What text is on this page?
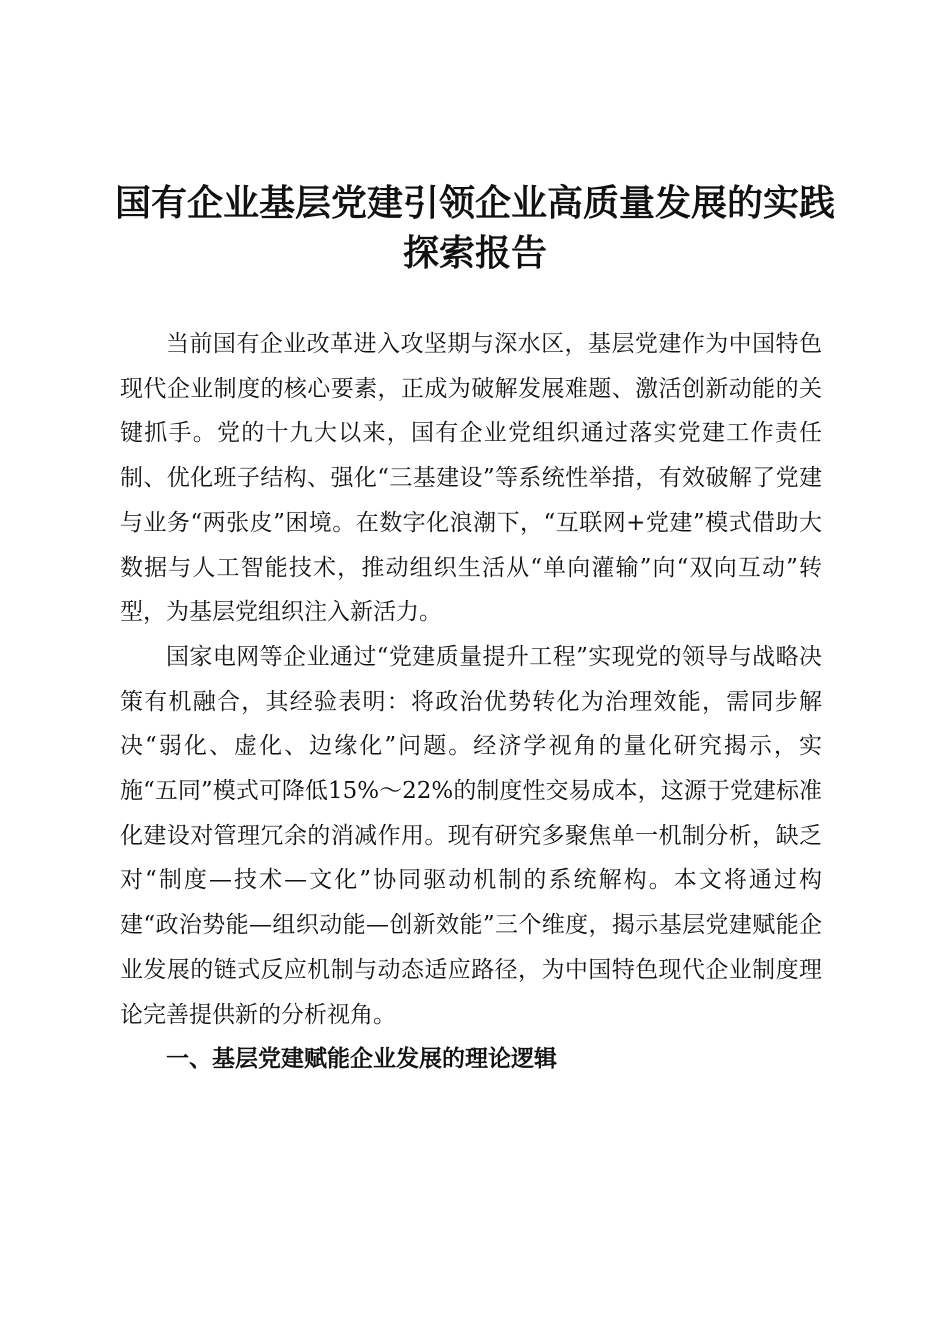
国有企业基层党建引领企业高质量发展的实践探索报告

当前国有企业改革进入攻坚期与深水区，基层党建作为中国特色现代企业制度的核心要素，正成为破解发展难题、激活创新动能的关键抓手。党的十九大以来，国有企业党组织通过落实党建工作责任制、优化班子结构、强化“三基建设”等系统性举措，有效破解了党建与业务“两张皮”困境。在数字化浪潮下，“互联网+党建”模式借助大数据与人工智能技术，推动组织生活从“单向灌输”向“双向互动”转型，为基层党组织注入新活力。

国家电网等企业通过“党建质量提升工程”实现党的领导与战略决策有机融合，其经验表明：将政治优势转化为治理效能，需同步解决“弱化、虚化、边缘化”问题。经济学视角的量化研究揭示，实施“五同”模式可降低15%～22%的制度性交易成本，这源于党建标准化建设对管理冗余的消减作用。现有研究多聚焦单一机制分析，缺乏对“制度—技术—文化”协同驱动机制的系统解构。本文将通过构建“政治势能—组织动能—创新效能”三个维度，揭示基层党建赋能企业发展的链式反应机制与动态适应路径，为中国特色现代企业制度理论完善提供新的分析视角。

一、基层党建赋能企业发展的理论逻辑
